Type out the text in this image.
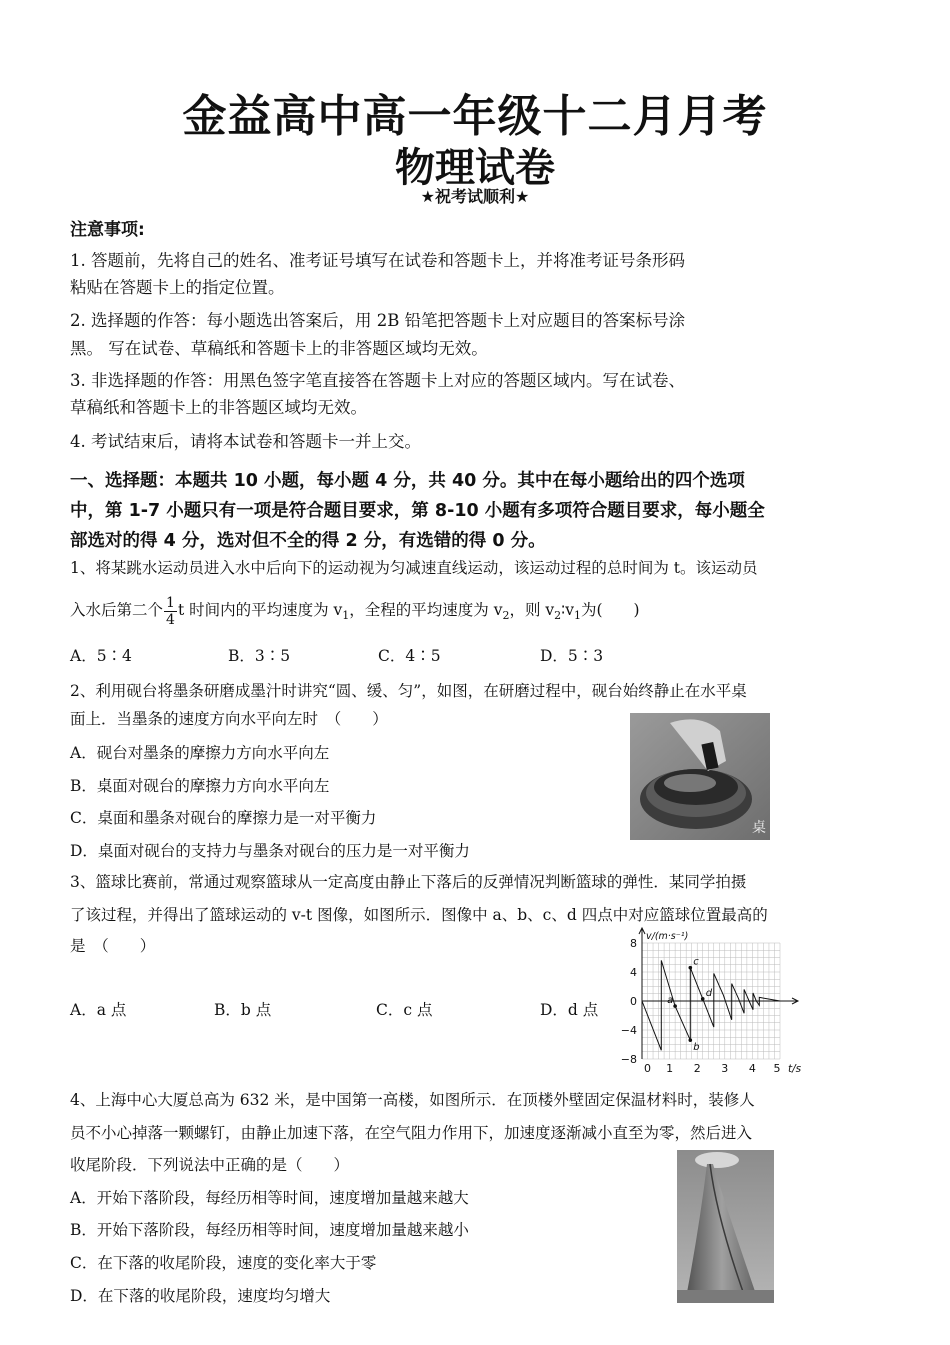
金益高中高一年级十二月月考
物理试卷
★祝考试顺利★
注意事项:
1. 答题前，先将自己的姓名、准考证号填写在试卷和答题卡上，并将准考证号条形码
粘贴在答题卡上的指定位置。
2. 选择题的作答：每小题选出答案后，用 2B 铅笔把答题卡上对应题目的答案标号涂
黑。 写在试卷、草稿纸和答题卡上的非答题区域均无效。
3. 非选择题的作答：用黑色签字笔直接答在答题卡上对应的答题区域内。写在试卷、
草稿纸和答题卡上的非答题区域均无效。
4. 考试结束后，请将本试卷和答题卡一并上交。
一、选择题：本题共 10 小题，每小题 4 分，共 40 分。其中在每小题给出的四个选项
中，第 1-7 小题只有一项是符合题目要求，第 8-10 小题有多项符合题目要求，每小题全
部选对的得 4 分，选对但不全的得 2 分，有选错的得 0 分。
1、将某跳水运动员进入水中后向下的运动视为匀减速直线运动，该运动过程的总时间为 t。该运动员
入水后第二个 $\frac{1}{4}$ t 时间内的平均速度为 $v_1$，全程的平均速度为 $v_2$，则 $v_2∶v_1$为(　　)
A．5∶4	B．3∶5	C．4∶5	D．5∶3
2、利用砚台将墨条研磨成墨汁时讲究“圆、缓、匀”，如图，在研磨过程中，砚台始终静止在水平桌
面上．当墨条的速度方向水平向左时　（　　）
A．砚台对墨条的摩擦力方向水平向左
B．桌面对砚台的摩擦力方向水平向左
C．桌面和墨条对砚台的摩擦力是一对平衡力
D．桌面对砚台的支持力与墨条对砚台的压力是一对平衡力
桌
3、篮球比赛前，常通过观察篮球从一定高度由静止下落后的反弹情况判断篮球的弹性．某同学拍摄
了该过程，并得出了篮球运动的 v-t 图像，如图所示．图像中 a、b、c、d 四点中对应篮球位置最高的
是　（　　）
A．a 点	B．b 点	C．c 点	D．d 点
8
4
0
−4
−8
0 1 2 3 4 5
v/(m·s⁻¹)
t/s
a
b
c
d
4、上海中心大厦总高为 632 米，是中国第一高楼，如图所示．在顶楼外壁固定保温材料时，装修人
员不小心掉落一颗螺钉，由静止加速下落，在空气阻力作用下，加速度逐渐减小直至为零，然后进入
收尾阶段．下列说法中正确的是（　　）
A．开始下落阶段，每经历相等时间，速度增加量越来越大
B．开始下落阶段，每经历相等时间，速度增加量越来越小
C．在下落的收尾阶段，速度的变化率大于零
D．在下落的收尾阶段，速度均匀增大
